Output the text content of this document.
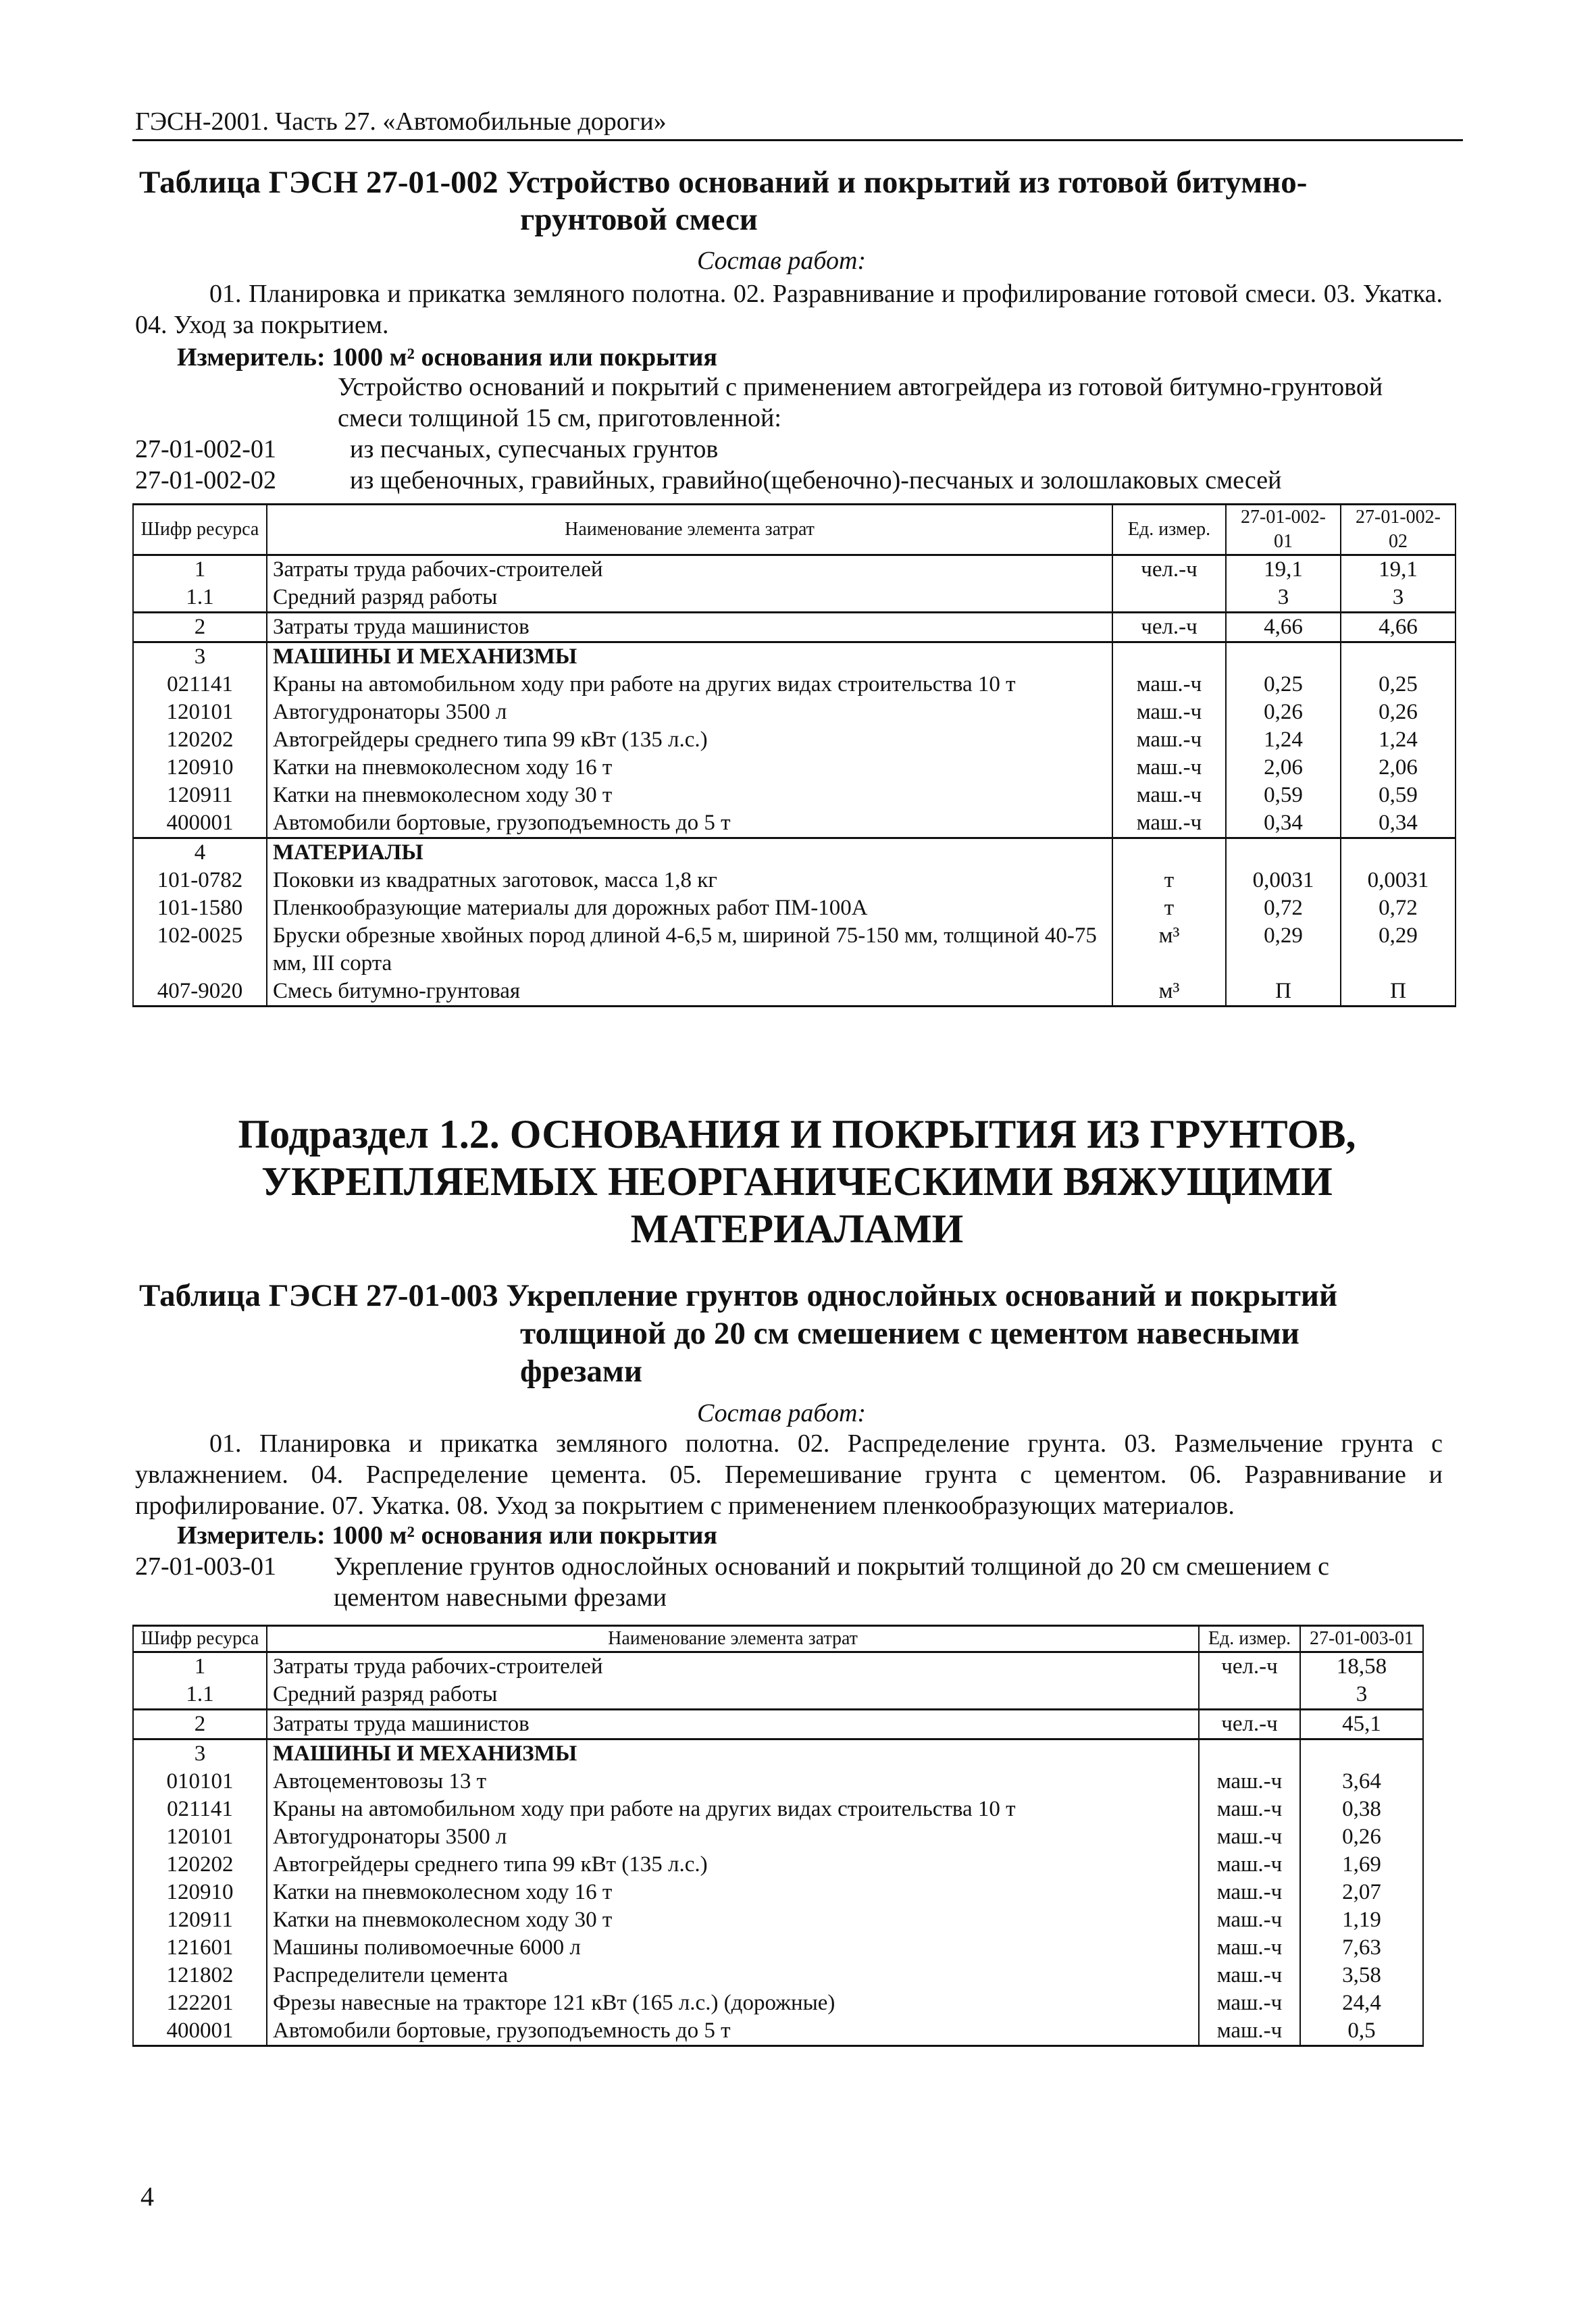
ГЭСН-2001. Часть 27. «Автомобильные дороги»
Таблица ГЭСН 27-01-002 Устройство оснований и покрытий из готовой битумно-
грунтовой смеси
Состав работ:
01. Планировка и прикатка земляного полотна. 02. Разравнивание и профилирование готовой смеси. 03. Укатка. 04. Уход за покрытием.
Измеритель: 1000 м² основания или покрытия
Устройство оснований и покрытий с применением автогрейдера из готовой битумно-грунтовой
смеси толщиной 15 см, приготовленной:
27-01-002-01	из песчаных, супесчаных грунтов
27-01-002-02	из щебеночных, гравийных, гравийно(щебеночно)-песчаных и золошлаковых смесей
Шифр ресурса	Наименование элемента затрат	Ед. измер.	27-01-002-01	27-01-002-02
1	Затраты труда рабочих-строителей	чел.-ч	19,1	19,1
1.1	Средний разряд работы		3	3
2	Затраты труда машинистов	чел.-ч	4,66	4,66
3	МАШИНЫ И МЕХАНИЗМЫ			
021141	Краны на автомобильном ходу при работе на других видах строительства 10 т	маш.-ч	0,25	0,25
120101	Автогудронаторы 3500 л	маш.-ч	0,26	0,26
120202	Автогрейдеры среднего типа 99 кВт (135 л.с.)	маш.-ч	1,24	1,24
120910	Катки на пневмоколесном ходу 16 т	маш.-ч	2,06	2,06
120911	Катки на пневмоколесном ходу 30 т	маш.-ч	0,59	0,59
400001	Автомобили бортовые, грузоподъемность до 5 т	маш.-ч	0,34	0,34
4	МАТЕРИАЛЫ			
101-0782	Поковки из квадратных заготовок, масса 1,8 кг	т	0,0031	0,0031
101-1580	Пленкообразующие материалы для дорожных работ ПМ-100А	т	0,72	0,72
102-0025	Бруски обрезные хвойных пород длиной 4-6,5 м, шириной 75-150 мм, толщиной 40-75 мм, III сорта	м³	0,29	0,29
407-9020	Смесь битумно-грунтовая	м³	П	П
Подраздел 1.2. ОСНОВАНИЯ И ПОКРЫТИЯ ИЗ ГРУНТОВ,
УКРЕПЛЯЕМЫХ НЕОРГАНИЧЕСКИМИ ВЯЖУЩИМИ
МАТЕРИАЛАМИ
Таблица ГЭСН 27-01-003 Укрепление грунтов однослойных оснований и покрытий
толщиной до 20 см смешением с цементом навесными
фрезами
Состав работ:
01. Планировка и прикатка земляного полотна. 02. Распределение грунта. 03. Размельчение грунта с увлажнением. 04. Распределение цемента. 05. Перемешивание грунта с цементом. 06. Разравнивание и профилирование. 07. Укатка. 08. Уход за покрытием с применением пленкообразующих материалов.
Измеритель: 1000 м² основания или покрытия
27-01-003-01 Укрепление грунтов однослойных оснований и покрытий толщиной до 20 см смешением с
цементом навесными фрезами
Шифр ресурса	Наименование элемента затрат	Ед. измер.	27-01-003-01
1	Затраты труда рабочих-строителей	чел.-ч	18,58
1.1	Средний разряд работы		3
2	Затраты труда машинистов	чел.-ч	45,1
3	МАШИНЫ И МЕХАНИЗМЫ		
010101	Автоцементовозы 13 т	маш.-ч	3,64
021141	Краны на автомобильном ходу при работе на других видах строительства 10 т	маш.-ч	0,38
120101	Автогудронаторы 3500 л	маш.-ч	0,26
120202	Автогрейдеры среднего типа 99 кВт (135 л.с.)	маш.-ч	1,69
120910	Катки на пневмоколесном ходу 16 т	маш.-ч	2,07
120911	Катки на пневмоколесном ходу 30 т	маш.-ч	1,19
121601	Машины поливомоечные 6000 л	маш.-ч	7,63
121802	Распределители цемента	маш.-ч	3,58
122201	Фрезы навесные на тракторе 121 кВт (165 л.с.) (дорожные)	маш.-ч	24,4
400001	Автомобили бортовые, грузоподъемность до 5 т	маш.-ч	0,5
4
